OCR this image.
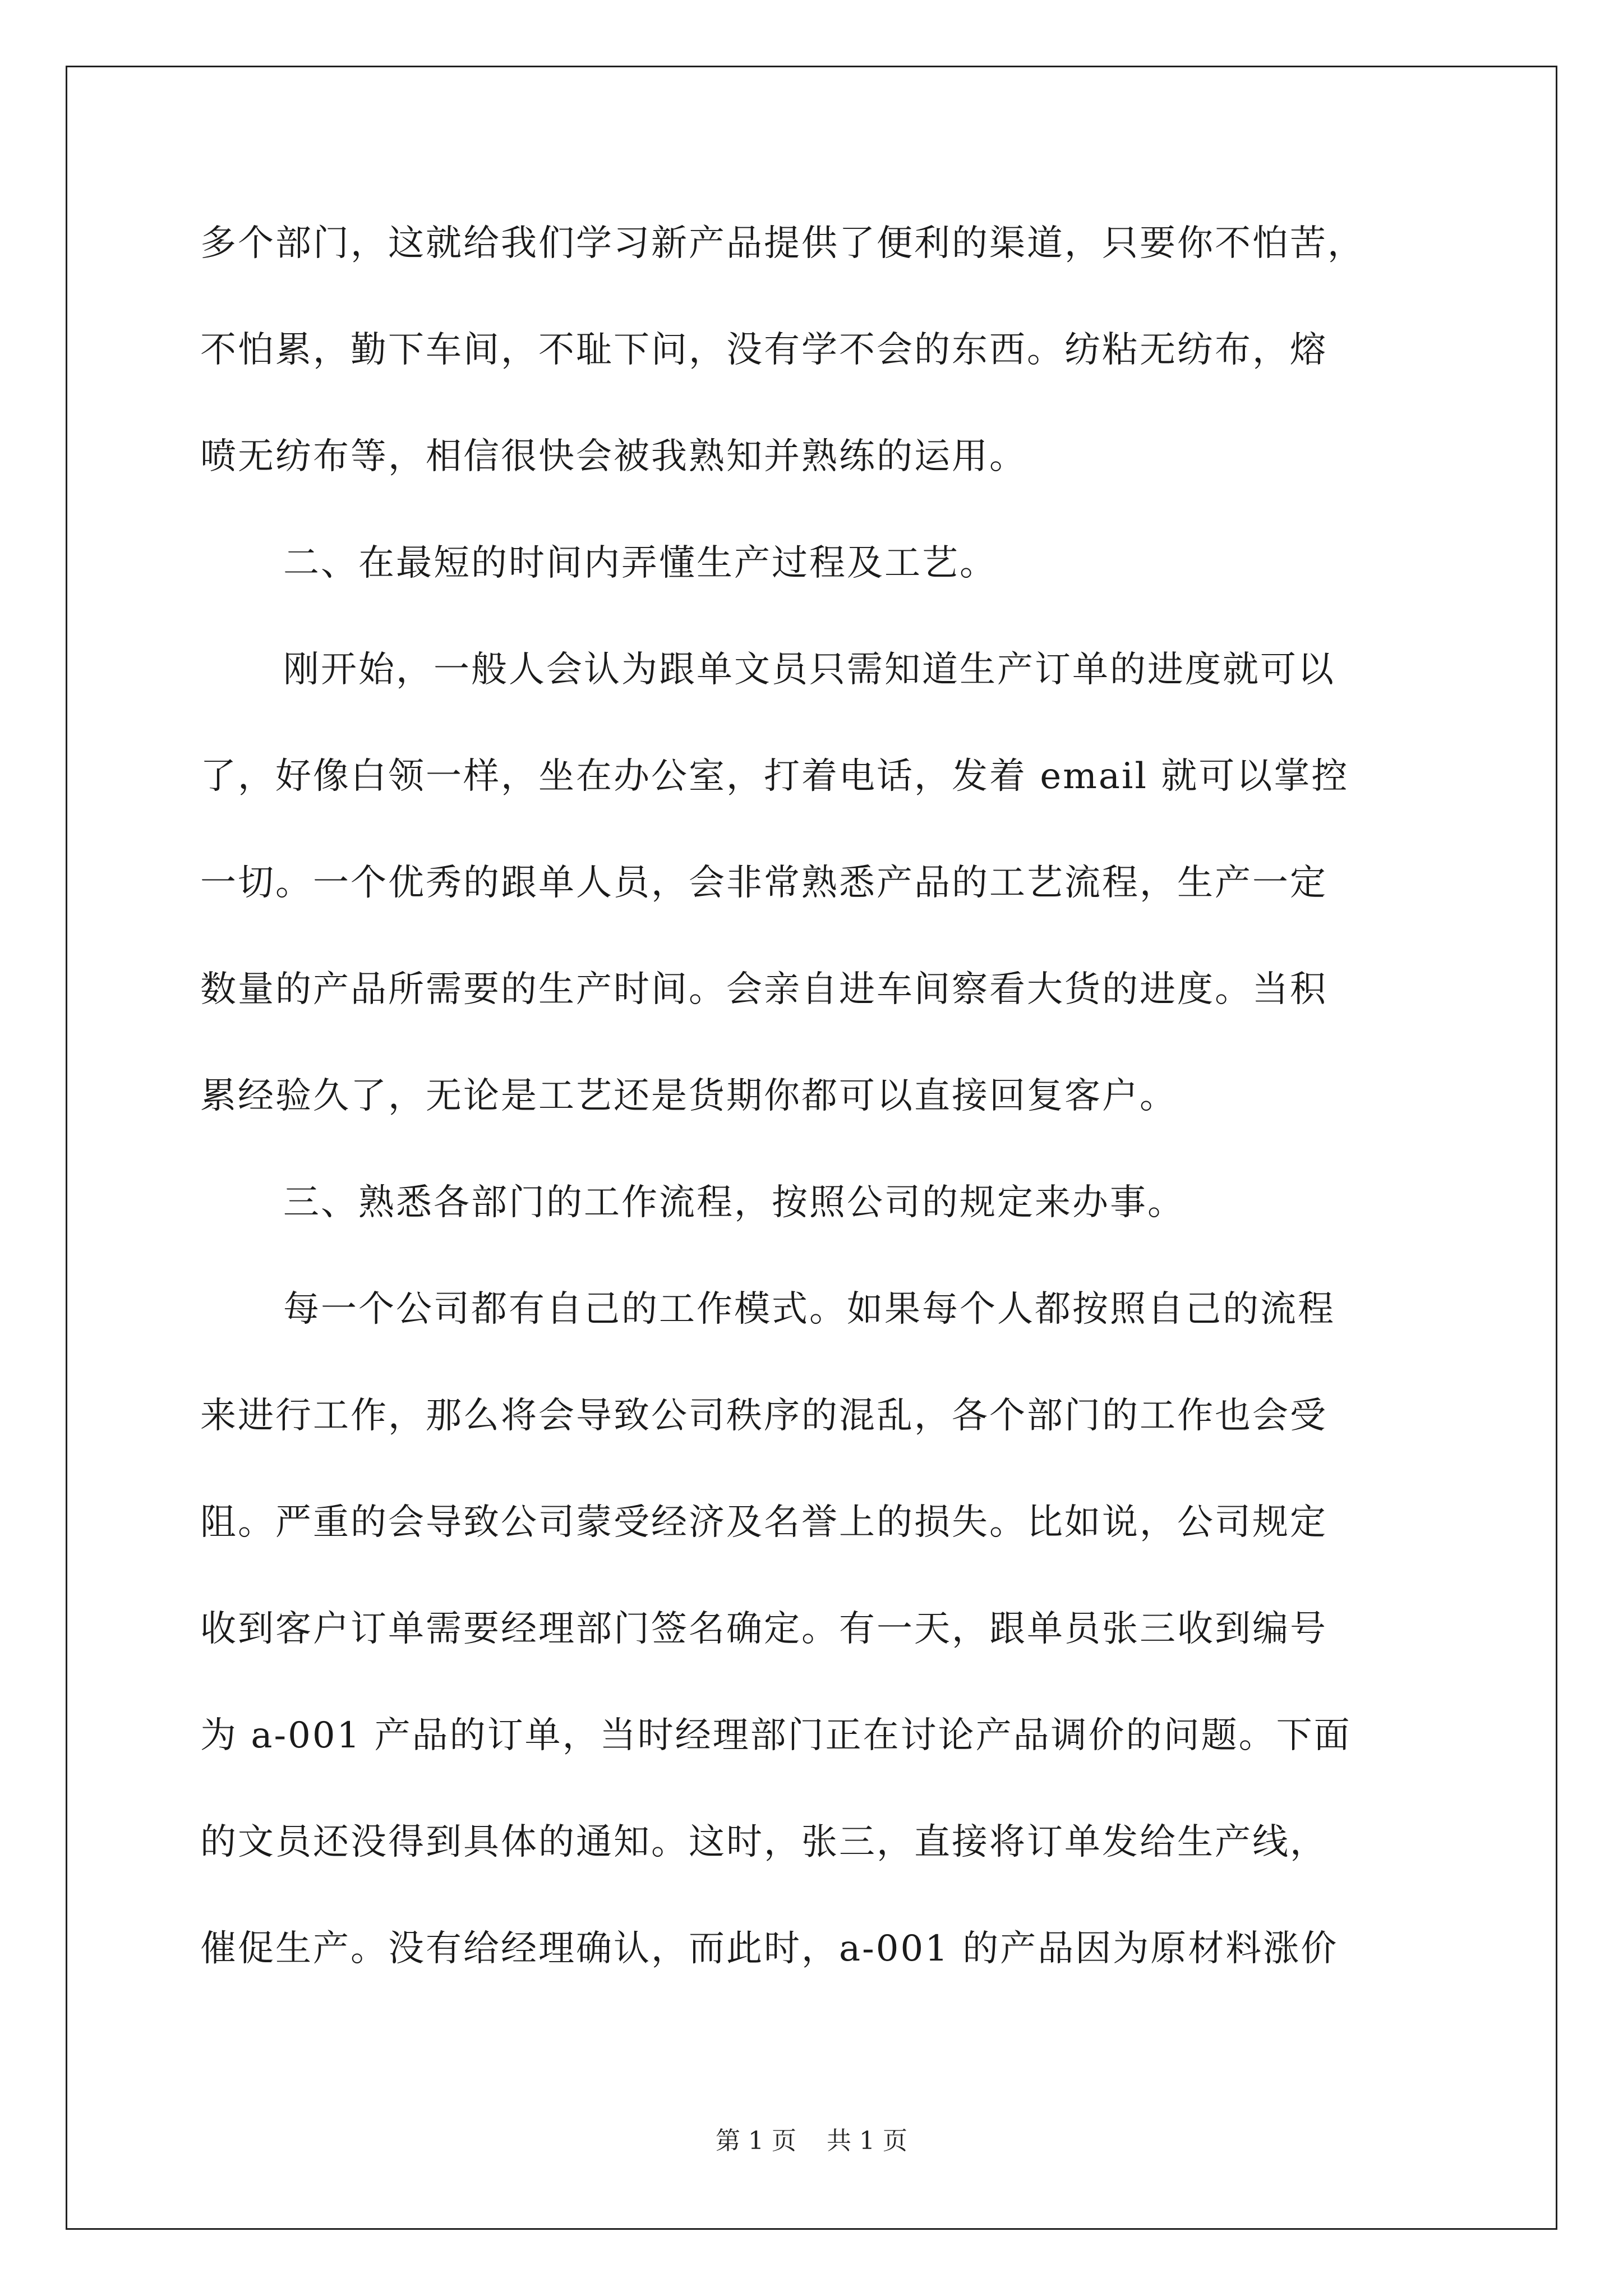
多个部门，这就给我们学习新产品提供了便利的渠道，只要你不怕苦，
不怕累，勤下车间，不耻下问，没有学不会的东西。纺粘无纺布，熔
喷无纺布等，相信很快会被我熟知并熟练的运用。
二、在最短的时间内弄懂生产过程及工艺。
刚开始，一般人会认为跟单文员只需知道生产订单的进度就可以
了，好像白领一样，坐在办公室，打着电话，发着 email 就可以掌控
一切。一个优秀的跟单人员，会非常熟悉产品的工艺流程，生产一定
数量的产品所需要的生产时间。会亲自进车间察看大货的进度。当积
累经验久了，无论是工艺还是货期你都可以直接回复客户。
三、熟悉各部门的工作流程，按照公司的规定来办事。
每一个公司都有自己的工作模式。如果每个人都按照自己的流程
来进行工作，那么将会导致公司秩序的混乱，各个部门的工作也会受
阻。严重的会导致公司蒙受经济及名誉上的损失。比如说，公司规定
收到客户订单需要经理部门签名确定。有一天，跟单员张三收到编号
为 a-001 产品的订单，当时经理部门正在讨论产品调价的问题。下面
的文员还没得到具体的通知。这时，张三，直接将订单发给生产线，
催促生产。没有给经理确认，而此时，a-001 的产品因为原材料涨价
第 1 页 共 1 页
